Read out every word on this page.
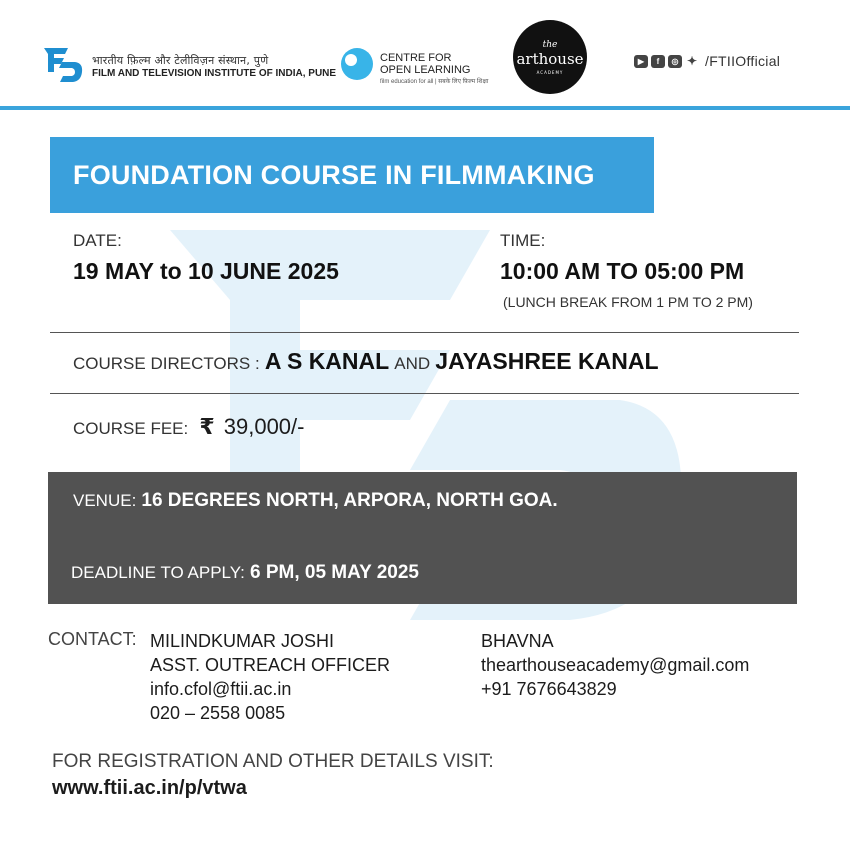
भारतीय फ़िल्म और टेलीविज़न संस्थान, पुणे
FILM AND TELEVISION INSTITUTE OF INDIA, PUNE
CENTRE FOR
OPEN LEARNING
film education for all | सबके लिए फ़िल्म शिक्षा
the
arthouse
ACADEMY
▶	f	◎ ✦ /FTIIOfficial
FOUNDATION COURSE IN FILMMAKING
DATE:
19 MAY to 10 JUNE 2025
TIME:
10:00 AM TO 05:00 PM
(LUNCH BREAK FROM 1 PM TO 2 PM)
COURSE DIRECTORS : A S KANAL AND JAYASHREE KANAL
COURSE FEE: ₹ 39,000/-
VENUE: 16 DEGREES NORTH, ARPORA, NORTH GOA.
DEADLINE TO APPLY: 6 PM, 05 MAY 2025
CONTACT: MILINDKUMAR JOSHI
ASST. OUTREACH OFFICER
info.cfol@ftii.ac.in
020 – 2558 0085
BHAVNA
thearthouseacademy@gmail.com
+91 7676643829
FOR REGISTRATION AND OTHER DETAILS VISIT:
www.ftii.ac.in/p/vtwa
